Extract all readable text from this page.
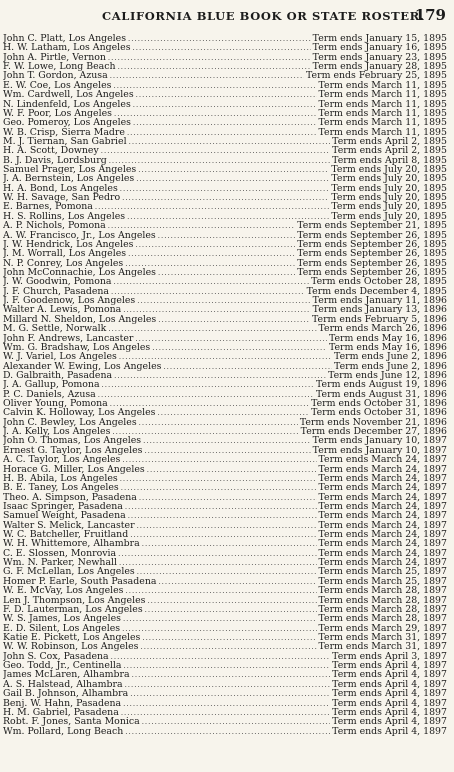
CALIFORNIA BLUE BOOK OR STATE ROSTER.
179
John C. Platt, Los Angeles .....	Term ends January 15, 1895
H. W. Latham, Los Angeles .....	Term ends January 16, 1895
John A. Pirtle, Vernon .....	Term ends January 23, 1895
F. W. Lowe, Long Beach .....	Term ends January 28, 1895
John T. Gordon, Azusa .....	Term ends February 25, 1895
E. W. Coe, Los Angeles .....	Term ends March 11, 1895
Wm. Cardwell, Los Angeles .....	Term ends March 11, 1895
N. Lindenfeld, Los Angeles .....	Term ends March 11, 1895
W. F. Poor, Los Angeles .....	Term ends March 11, 1895
Geo. Pomeroy, Los Angeles .....	Term ends March 11, 1895
W. B. Crisp, Sierra Madre .....	Term ends March 11, 1895
M. J. Tiernan, San Gabriel .....	Term ends April 2, 1895
H. A. Scott, Downey .....	Term ends April 2, 1895
B. J. Davis, Lordsburg .....	Term ends April 8, 1895
Samuel Prager, Los Angeles .....	Term ends July 20, 1895
J. A. Bernstein, Los Angeles .....	Term ends July 20, 1895
H. A. Bond, Los Angeles .....	Term ends July 20, 1895
W. H. Savage, San Pedro .....	Term ends July 20, 1895
E. Barnes, Pomona .....	Term ends July 20, 1895
H. S. Rollins, Los Angeles .....	Term ends July 20, 1895
A. P. Nichols, Pomona .....	Term ends September 21, 1895
A. W. Francisco, Jr., Los Angeles .....	Term ends September 26, 1895
J. W. Hendrick, Los Angeles .....	Term ends September 26, 1895
J. M. Worrall, Los Angeles .....	Term ends September 26, 1895
N. P. Conrey, Los Angeles .....	Term ends September 26, 1895
John McConnachie, Los Angeles .....	Term ends September 26, 1895
J. W. Goodwin, Pomona .....	Term ends October 28, 1895
J. F. Church, Pasadena .....	Term ends December 4, 1895
J. F. Goodenow, Los Angeles .....	Term ends January 11, 1896
Walter A. Lewis, Pomona .....	Term ends January 13, 1896
Millard N. Sheldon, Los Angeles .....	Term ends February 5, 1896
M. G. Settle, Norwalk .....	Term ends March 26, 1896
John F. Andrews, Lancaster .....	Term ends May 16, 1896
Wm. G. Bradshaw, Los Angeles .....	Term ends May 16, 1896
W. J. Variel, Los Angeles .....	Term ends June 2, 1896
Alexander W. Ewing, Los Angeles .....	Term ends June 2, 1896
D. Galbraith, Pasadena .....	Term ends June 12, 1896
J. A. Gallup, Pomona .....	Term ends August 19, 1896
P. C. Daniels, Azusa .....	Term ends August 31, 1896
Oliver Young, Pomona .....	Term ends October 31, 1896
Calvin K. Holloway, Los Angeles .....	Term ends October 31, 1896
John C. Bewley, Los Angeles .....	Term ends November 21, 1896
J. A. Kelly, Los Angeles .....	Term ends December 27, 1896
John O. Thomas, Los Angeles .....	Term ends January 10, 1897
Ernest G. Taylor, Los Angeles .....	Term ends January 10, 1897
A. C. Taylor, Los Angeles .....	Term ends March 24, 1897
Horace G. Miller, Los Angeles .....	Term ends March 24, 1897
H. B. Abila, Los Angeles .....	Term ends March 24, 1897
B. E. Taney, Los Angeles .....	Term ends March 24, 1897
Theo. A. Simpson, Pasadena .....	Term ends March 24, 1897
Isaac Springer, Pasadena .....	Term ends March 24, 1897
Samuel Weight, Pasadena .....	Term ends March 24, 1897
Walter S. Melick, Lancaster .....	Term ends March 24, 1897
W. C. Batcheller, Fruitland .....	Term ends March 24, 1897
W. H. Whittemore, Alhambra .....	Term ends March 24, 1897
C. E. Slossen, Monrovia .....	Term ends March 24, 1897
Wm. N. Parker, Newhall .....	Term ends March 24, 1897
G. F. McLellan, Los Angeles .....	Term ends March 25, 1897
Homer P. Earle, South Pasadena .....	Term ends March 25, 1897
W. E. McVay, Los Angeles .....	Term ends March 28, 1897
Len J. Thompson, Los Angeles .....	Term ends March 28, 1897
F. D. Lauterman, Los Angeles .....	Term ends March 28, 1897
W. S. James, Los Angeles .....	Term ends March 28, 1897
E. D. Silent, Los Angeles .....	Term ends March 29, 1897
Katie E. Pickett, Los Angeles .....	Term ends March 31, 1897
W. W. Robinson, Los Angeles .....	Term ends March 31, 1897
John S. Cox, Pasadena .....	Term ends April 3, 1897
Geo. Todd, Jr., Centinella .....	Term ends April 4, 1897
James McLaren, Alhambra .....	Term ends April 4, 1897
A. S. Halstead, Alhambra .....	Term ends April 4, 1897
Gail B. Johnson, Alhambra .....	Term ends April 4, 1897
Benj. W. Hahn, Pasadena .....	Term ends April 4, 1897
H. M. Gabriel, Pasadena .....	Term ends April 4, 1897
Robt. F. Jones, Santa Monica .....	Term ends April 4, 1897
Wm. Pollard, Long Beach .....	Term ends April 4, 1897
